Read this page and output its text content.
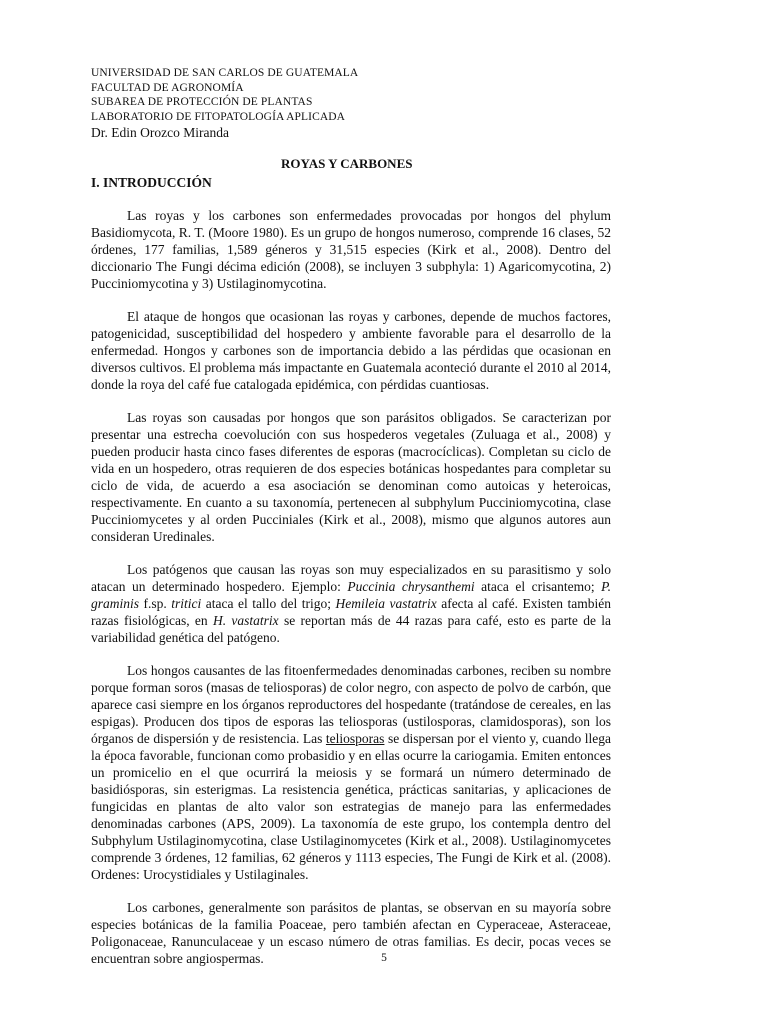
UNIVERSIDAD DE SAN CARLOS DE GUATEMALA

FACULTAD DE AGRONOMÍA

SUBAREA DE PROTECCIÓN DE PLANTAS

LABORATORIO DE FITOPATOLOGÍA APLICADA

Dr. Edin Orozco Miranda

ROYAS Y CARBONES

I. INTRODUCCIÓN

Las royas y los carbones son enfermedades provocadas por hongos del phylum Basidiomycota, R. T. (Moore 1980). Es un grupo de hongos numeroso, comprende 16 clases, 52 órdenes, 177 familias, 1,589 géneros y 31,515 especies (Kirk et al., 2008). Dentro del diccionario The Fungi décima edición (2008), se incluyen 3 subphyla: 1) Agaricomycotina, 2) Pucciniomycotina y 3) Ustilaginomycotina.

El ataque de hongos que ocasionan las royas y carbones, depende de muchos factores, patogenicidad, susceptibilidad del hospedero y ambiente favorable para el desarrollo de la enfermedad. Hongos y carbones son de importancia debido a las pérdidas que ocasionan en diversos cultivos. El problema más impactante en Guatemala aconteció durante el 2010 al 2014, donde la roya del café fue catalogada epidémica, con pérdidas cuantiosas.

Las royas son causadas por hongos que son parásitos obligados. Se caracterizan por presentar una estrecha coevolución con sus hospederos vegetales (Zuluaga et al., 2008) y pueden producir hasta cinco fases diferentes de esporas (macrocíclicas). Completan su ciclo de vida en un hospedero, otras requieren de dos especies botánicas hospedantes para completar su ciclo de vida, de acuerdo a esa asociación se denominan como autoicas y heteroicas, respectivamente. En cuanto a su taxonomía, pertenecen al subphylum Pucciniomycotina, clase Pucciniomycetes y al orden Pucciniales (Kirk et al., 2008), mismo que algunos autores aun consideran Uredinales.

Los patógenos que causan las royas son muy especializados en su parasitismo y solo atacan un determinado hospedero. Ejemplo: Puccinia chrysanthemi ataca el crisantemo; P. graminis f.sp. tritici ataca el tallo del trigo; Hemileia vastatrix afecta al café. Existen también razas fisiológicas, en H. vastatrix se reportan más de 44 razas para café, esto es parte de la variabilidad genética del patógeno.

Los hongos causantes de las fitoenfermedades denominadas carbones, reciben su nombre porque forman soros (masas de teliosporas) de color negro, con aspecto de polvo de carbón, que aparece casi siempre en los órganos reproductores del hospedante (tratándose de cereales, en las espigas). Producen dos tipos de esporas las teliosporas (ustilosporas, clamidosporas), son los órganos de dispersión y de resistencia. Las teliosporas se dispersan por el viento y, cuando llega la época favorable, funcionan como probasidio y en ellas ocurre la cariogamia. Emiten entonces un promicelio en el que ocurrirá la meiosis y se formará un número determinado de basidiósporas, sin esterigmas. La resistencia genética, prácticas sanitarias, y aplicaciones de fungicidas en plantas de alto valor son estrategias de manejo para las enfermedades denominadas carbones (APS, 2009). La taxonomía de este grupo, los contempla dentro del Subphylum Ustilaginomycotina, clase Ustilaginomycetes (Kirk et al., 2008). Ustilaginomycetes comprende 3 órdenes, 12 familias, 62 géneros y 1113 especies, The Fungi de Kirk et al. (2008). Ordenes: Urocystidiales y Ustilaginales.

Los carbones, generalmente son parásitos de plantas, se observan en su mayoría sobre especies botánicas de la familia Poaceae, pero también afectan en Cyperaceae, Asteraceae, Poligonaceae, Ranunculaceae y un escaso número de otras familias. Es decir, pocas veces se encuentran sobre angiospermas.	5
